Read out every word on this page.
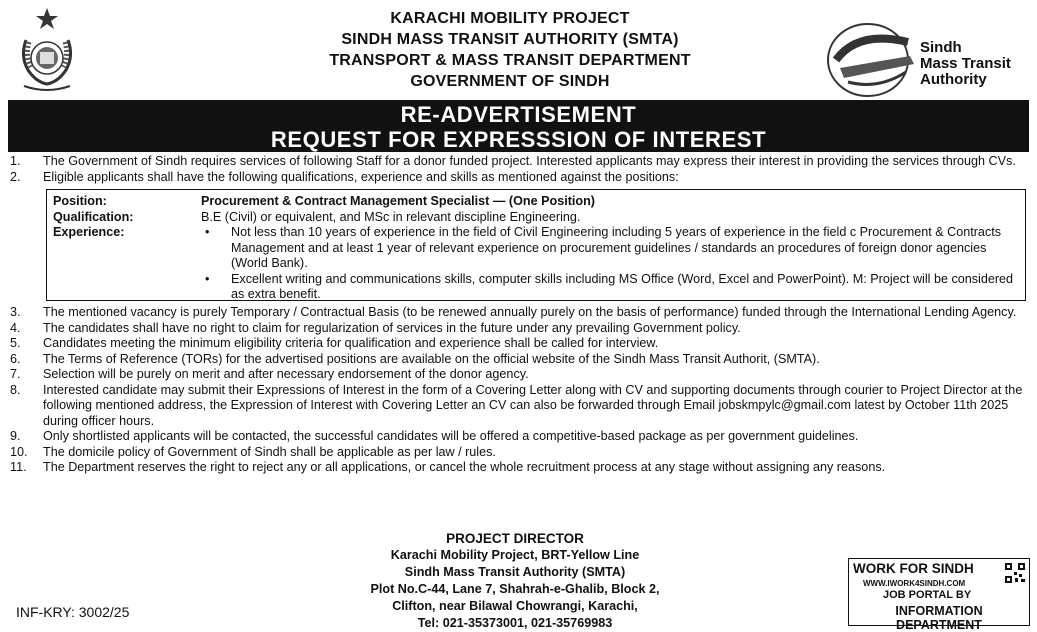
KARACHI MOBILITY PROJECT
SINDH MASS TRANSIT AUTHORITY (SMTA)
TRANSPORT & MASS TRANSIT DEPARTMENT
GOVERNMENT OF SINDH
Sindh
Mass Transit
Authority
RE-ADVERTISEMENT
REQUEST FOR EXPRESSSION OF INTEREST
1. The Government of Sindh requires services of following Staff for a donor funded project. Interested applicants may express their interest in providing the services through CVs.
2. Eligible applicants shall have the following qualifications, experience and skills as mentioned against the positions:
Position:
Qualification:
Experience:
Procurement & Contract Management Specialist — (One Position)
B.E (Civil) or equivalent, and MSc in relevant discipline Engineering.
• Not less than 10 years of experience in the field of Civil Engineering including 5 years of experience in the field c Procurement & Contracts Management and at least 1 year of relevant experience on procurement guidelines / standards an procedures of foreign donor agencies (World Bank).
• Excellent writing and communications skills, computer skills including MS Office (Word, Excel and PowerPoint). M: Project will be considered as extra benefit.
3. The mentioned vacancy is purely Temporary / Contractual Basis (to be renewed annually purely on the basis of performance) funded through the International Lending Agency.
4. The candidates shall have no right to claim for regularization of services in the future under any prevailing Government policy.
5. Candidates meeting the minimum eligibility criteria for qualification and experience shall be called for interview.
6. The Terms of Reference (TORs) for the advertised positions are available on the official website of the Sindh Mass Transit Authorit, (SMTA).
7. Selection will be purely on merit and after necessary endorsement of the donor agency.
8. Interested candidate may submit their Expressions of Interest in the form of a Covering Letter along with CV and supporting documents through courier to Project Director at the following mentioned address, the Expression of Interest with Covering Letter an CV can also be forwarded through Email jobskmpylc@gmail.com latest by October 11th 2025 during officer hours.
9. Only shortlisted applicants will be contacted, the successful candidates will be offered a competitive-based package as per government guidelines.
10. The domicile policy of Government of Sindh shall be applicable as per law / rules.
11. The Department reserves the right to reject any or all applications, or cancel the whole recruitment process at any stage without assigning any reasons.
PROJECT DIRECTOR
Karachi Mobility Project, BRT-Yellow Line
Sindh Mass Transit Authority (SMTA)
Plot No.C-44, Lane 7, Shahrah-e-Ghalib, Block 2,
Clifton, near Bilawal Chowrangi, Karachi,
Tel: 021-35373001, 021-35769983
INF-KRY: 3002/25
WORK FOR SINDH
WWW.IWORK4SINDH.COM
JOB PORTAL BY
INFORMATION DEPARTMENT
